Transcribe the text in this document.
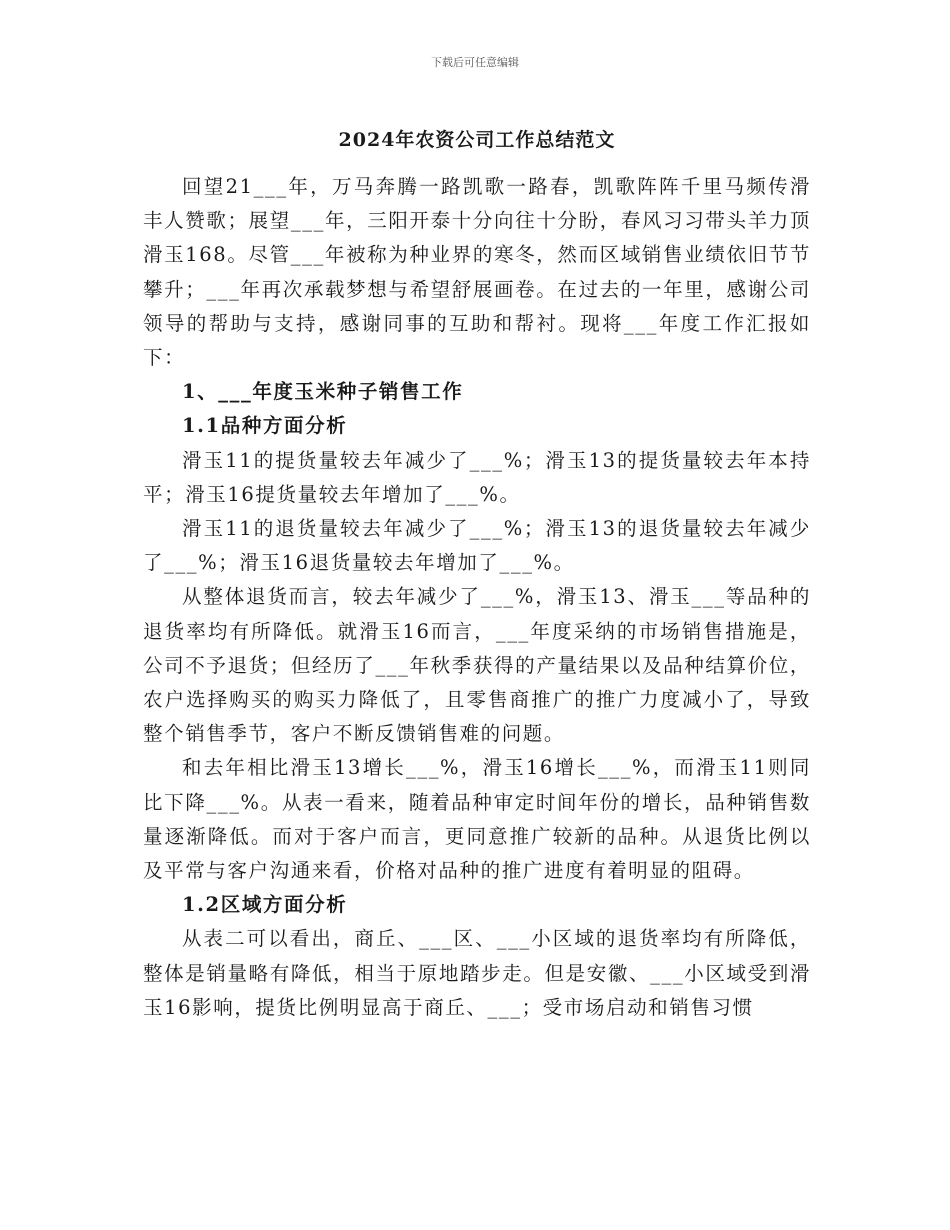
下载后可任意编辑
2024年农资公司工作总结范文

回望21___年，万马奔腾一路凯歌一路春，凯歌阵阵千里马频传滑丰人赞歌；展望___年，三阳开泰十分向往十分盼，春风习习带头羊力顶滑玉168。尽管___年被称为种业界的寒冬，然而区域销售业绩依旧节节攀升；___年再次承载梦想与希望舒展画卷。在过去的一年里，感谢公司领导的帮助与支持，感谢同事的互助和帮衬。现将___年度工作汇报如下：

1、___年度玉米种子销售工作

1.1品种方面分析

滑玉11的提货量较去年减少了___%；滑玉13的提货量较去年本持平；滑玉16提货量较去年增加了___%。

滑玉11的退货量较去年减少了___%；滑玉13的退货量较去年减少了___%；滑玉16退货量较去年增加了___%。

从整体退货而言，较去年减少了___%，滑玉13、滑玉___等品种的退货率均有所降低。就滑玉16而言，___年度采纳的市场销售措施是，公司不予退货；但经历了___年秋季获得的产量结果以及品种结算价位，农户选择购买的购买力降低了，且零售商推广的推广力度减小了，导致整个销售季节，客户不断反馈销售难的问题。

和去年相比滑玉13增长___%，滑玉16增长___%，而滑玉11则同比下降___%。从表一看来，随着品种审定时间年份的增长，品种销售数量逐渐降低。而对于客户而言，更同意推广较新的品种。从退货比例以及平常与客户沟通来看，价格对品种的推广进度有着明显的阻碍。

1.2区域方面分析

从表二可以看出，商丘、___区、___小区域的退货率均有所降低，整体是销量略有降低，相当于原地踏步走。但是安徽、___小区域受到滑玉16影响，提货比例明显高于商丘、___；受市场启动和销售习惯
